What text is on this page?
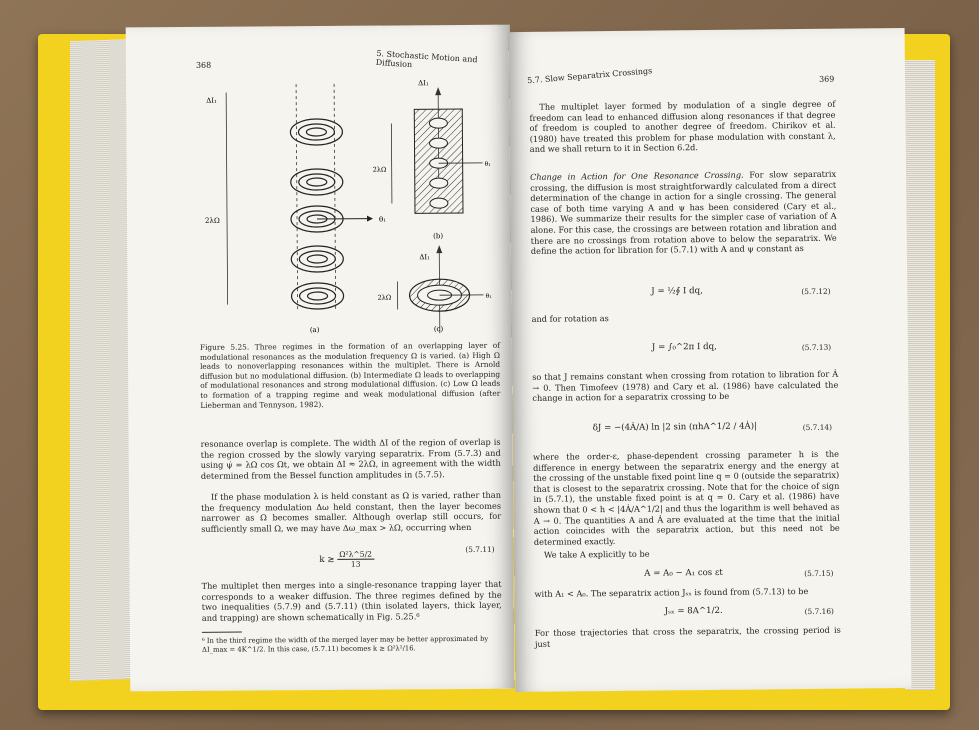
368
5. Stochastic Motion and Diffusion
θ₁
ΔI₁
2λΩ
(a)
θ₁
2λΩ
ΔI₁
(b)
θ₁
2λΩ
ΔI₁
(c)
Figure 5.25. Three regimes in the formation of an overlapping layer of modulational resonances as the modulation frequency Ω is varied. (a) High Ω leads to nonoverlapping resonances within the multiplet. There is Arnold diffusion but no modulational diffusion. (b) Intermediate Ω leads to overlapping of modulational resonances and strong modulational diffusion. (c) Low Ω leads to formation of a trapping regime and weak modulational diffusion (after Lieberman and Tennyson, 1982).
resonance overlap is complete. The width ΔI of the region of overlap is the region crossed by the slowly varying separatrix. From (5.7.3) and using ψ̇ = λΩ cos Ωt, we obtain ΔI ≈ 2λΩ, in agreement with the width determined from the Bessel function amplitudes in (5.7.5).
If the phase modulation λ is held constant as Ω is varied, rather than the frequency modulation Δω held constant, then the layer becomes narrower as Ω becomes smaller. Although overlap still occurs, for sufficiently small Ω, we may have Δω_max > λΩ, occurring when
k ≳ $\frac{\text{Ω²λ\textasciicircum{}5/2}}{13}$
(5.7.11)
The multiplet then merges into a single-resonance trapping layer that corresponds to a weaker diffusion. The three regimes defined by the two inequalities (5.7.9) and (5.7.11) (thin isolated layers, thick layer, and trapping) are shown schematically in Fig. 5.25.⁶
⁶ In the third regime the width of the merged layer may be better approximated by ΔI_max = 4K^1/2. In this case, (5.7.11) becomes k ≳ Ω²λ²/16.
5.7. Slow Separatrix Crossings	369
The multiplet layer formed by modulation of a single degree of freedom can lead to enhanced diffusion along resonances if that degree of freedom is coupled to another degree of freedom. Chirikov et al. (1980) have treated this problem for phase modulation with constant λ, and we shall return to it in Section 6.2d.
Change in Action for One Resonance Crossing. For slow separatrix crossing, the diffusion is most straightforwardly calculated from a direct determination of the change in action for a single crossing. The general case of both time varying A and ψ has been considered (Cary et al., 1986). We summarize their results for the simpler case of variation of A alone. For this case, the crossings are between rotation and libration and there are no crossings from rotation above to below the separatrix. We define the action for libration for (5.7.1) with A and ψ constant as
J = ½∮ I dq,	(5.7.12)
and for rotation as
J = ∫₀^2π I dq,	(5.7.13)
so that J remains constant when crossing from rotation to libration for Ȧ → 0. Then Timofeev (1978) and Cary et al. (1986) have calculated the change in action for a separatrix crossing to be
δJ = −(4Ȧ/A) ln |2 sin (πhA^1/2 / 4Ȧ)|	(5.7.14)
where the order-ε, phase-dependent crossing parameter h is the difference in energy between the separatrix energy and the energy at the crossing of the unstable fixed point line q = 0 (outside the separatrix) that is closest to the separatrix crossing. Note that for the choice of sign in (5.7.1), the unstable fixed point is at q = 0. Cary et al. (1986) have shown that 0 < h < |4Ȧ/A^1/2| and thus the logarithm is well behaved as A → 0. The quantities A and Ȧ are evaluated at the time that the initial action coincides with the separatrix action, but this need not be determined exactly.
We take A explicitly to be
A = A₀ − A₁ cos εt	(5.7.15)
with A₁ < A₀. The separatrix action Jₛₓ is found from (5.7.13) to be
Jₛₓ = 8A^1/2.	(5.7.16)
For those trajectories that cross the separatrix, the crossing period is just
